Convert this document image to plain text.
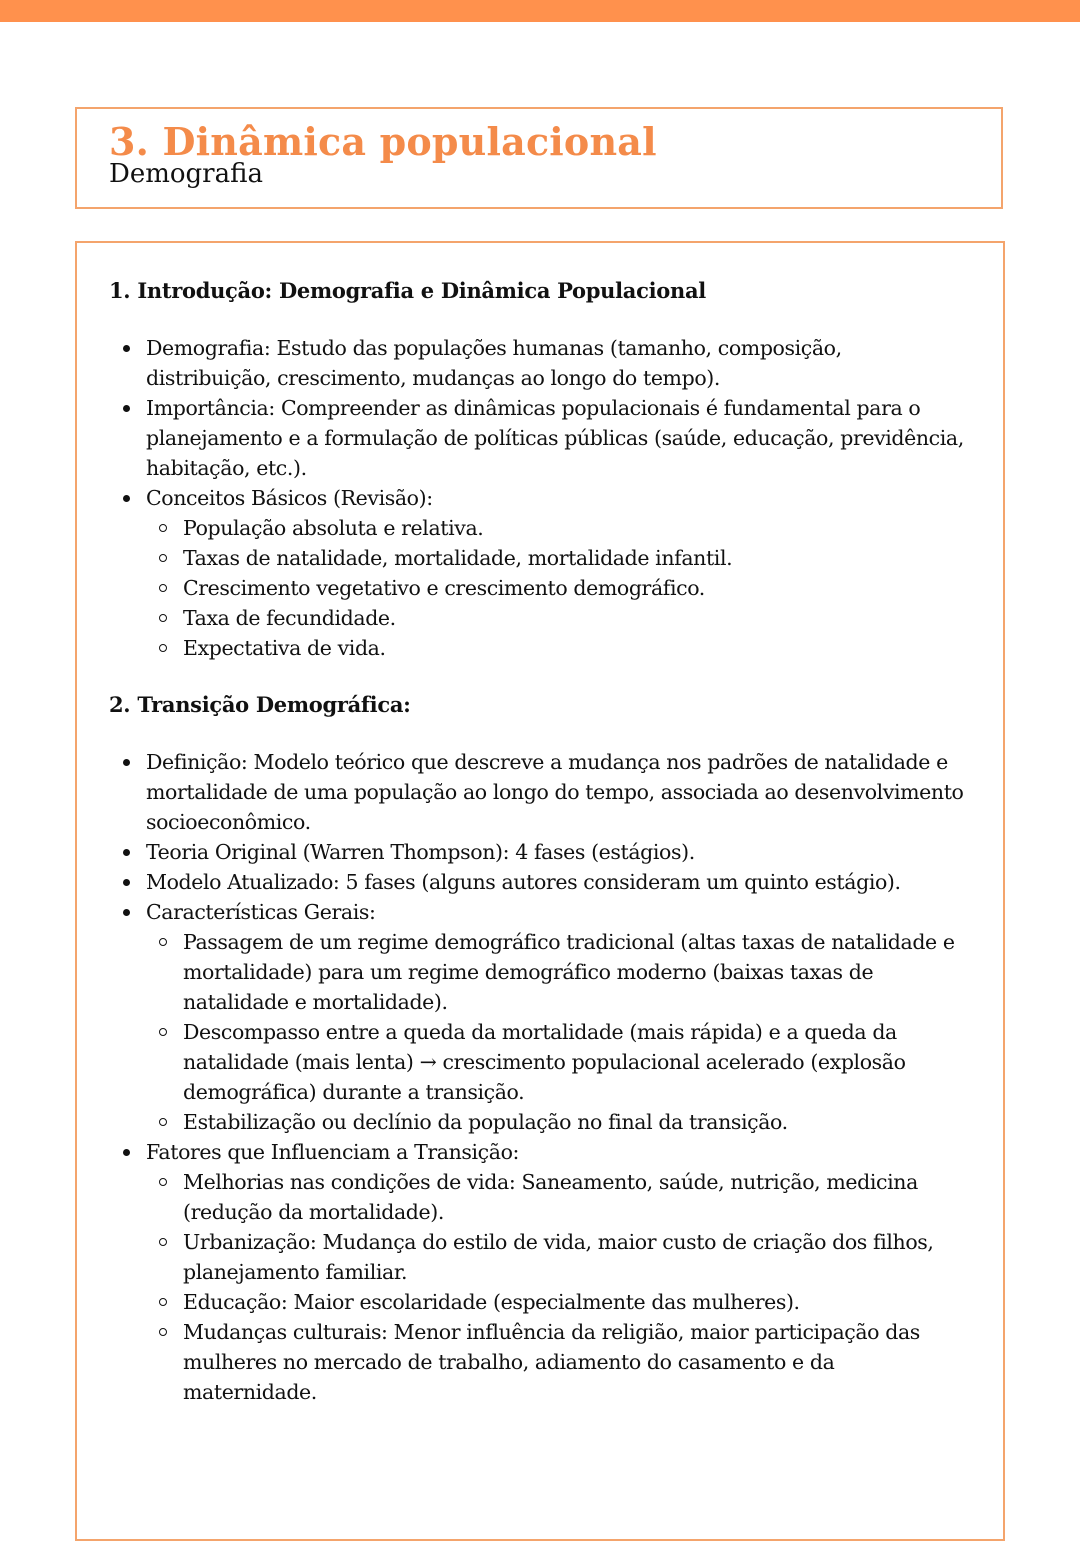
3. Dinâmica populacional
Demografia
1. Introdução: Demografia e Dinâmica Populacional
Demografia: Estudo das populações humanas (tamanho, composição, distribuição, crescimento, mudanças ao longo do tempo).
Importância: Compreender as dinâmicas populacionais é fundamental para o planejamento e a formulação de políticas públicas (saúde, educação, previdência, habitação, etc.).
Conceitos Básicos (Revisão):
População absoluta e relativa.
Taxas de natalidade, mortalidade, mortalidade infantil.
Crescimento vegetativo e crescimento demográfico.
Taxa de fecundidade.
Expectativa de vida.
2. Transição Demográfica:
Definição: Modelo teórico que descreve a mudança nos padrões de natalidade e mortalidade de uma população ao longo do tempo, associada ao desenvolvimento socioeconômico.
Teoria Original (Warren Thompson): 4 fases (estágios).
Modelo Atualizado: 5 fases (alguns autores consideram um quinto estágio).
Características Gerais:
Passagem de um regime demográfico tradicional (altas taxas de natalidade e mortalidade) para um regime demográfico moderno (baixas taxas de natalidade e mortalidade).
Descompasso entre a queda da mortalidade (mais rápida) e a queda da natalidade (mais lenta) → crescimento populacional acelerado (explosão demográfica) durante a transição.
Estabilização ou declínio da população no final da transição.
Fatores que Influenciam a Transição:
Melhorias nas condições de vida: Saneamento, saúde, nutrição, medicina (redução da mortalidade).
Urbanização: Mudança do estilo de vida, maior custo de criação dos filhos, planejamento familiar.
Educação: Maior escolaridade (especialmente das mulheres).
Mudanças culturais: Menor influência da religião, maior participação das mulheres no mercado de trabalho, adiamento do casamento e da maternidade.
